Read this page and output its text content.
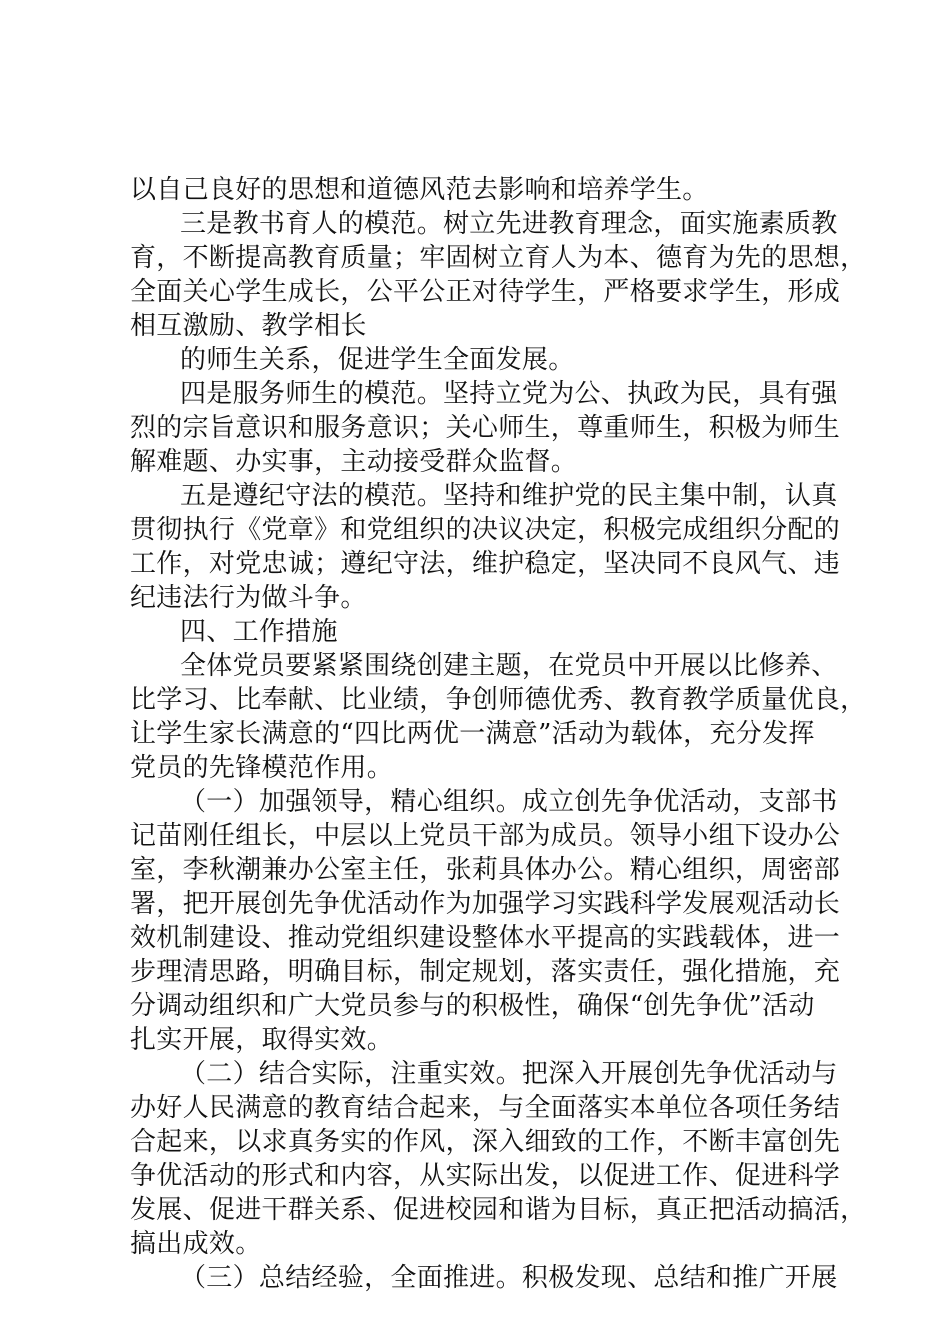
以自己良好的思想和道德风范去影响和培养学生。
三是教书育人的模范。树立先进教育理念，面实施素质教
育，不断提高教育质量；牢固树立育人为本、德育为先的思想，
全面关心学生成长，公平公正对待学生，严格要求学生，形成
相互激励、教学相长
的师生关系，促进学生全面发展。
四是服务师生的模范。坚持立党为公、执政为民，具有强
烈的宗旨意识和服务意识；关心师生，尊重师生，积极为师生
解难题、办实事，主动接受群众监督。
五是遵纪守法的模范。坚持和维护党的民主集中制，认真
贯彻执行《党章》和党组织的决议决定，积极完成组织分配的
工作，对党忠诚；遵纪守法，维护稳定，坚决同不良风气、违
纪违法行为做斗争。
四、工作措施
全体党员要紧紧围绕创建主题，在党员中开展以比修养、
比学习、比奉献、比业绩，争创师德优秀、教育教学质量优良，
让学生家长满意的“四比两优一满意”活动为载体，充分发挥
党员的先锋模范作用。
（一）加强领导，精心组织。成立创先争优活动，支部书
记苗刚任组长，中层以上党员干部为成员。领导小组下设办公
室，李秋潮兼办公室主任，张莉具体办公。精心组织，周密部
署，把开展创先争优活动作为加强学习实践科学发展观活动长
效机制建设、推动党组织建设整体水平提高的实践载体，进一
步理清思路，明确目标，制定规划，落实责任，强化措施，充
分调动组织和广大党员参与的积极性，确保“创先争优”活动
扎实开展，取得实效。
（二）结合实际，注重实效。把深入开展创先争优活动与
办好人民满意的教育结合起来，与全面落实本单位各项任务结
合起来，以求真务实的作风，深入细致的工作，不断丰富创先
争优活动的形式和内容，从实际出发，以促进工作、促进科学
发展、促进干群关系、促进校园和谐为目标，真正把活动搞活，
搞出成效。
（三）总结经验，全面推进。积极发现、总结和推广开展
